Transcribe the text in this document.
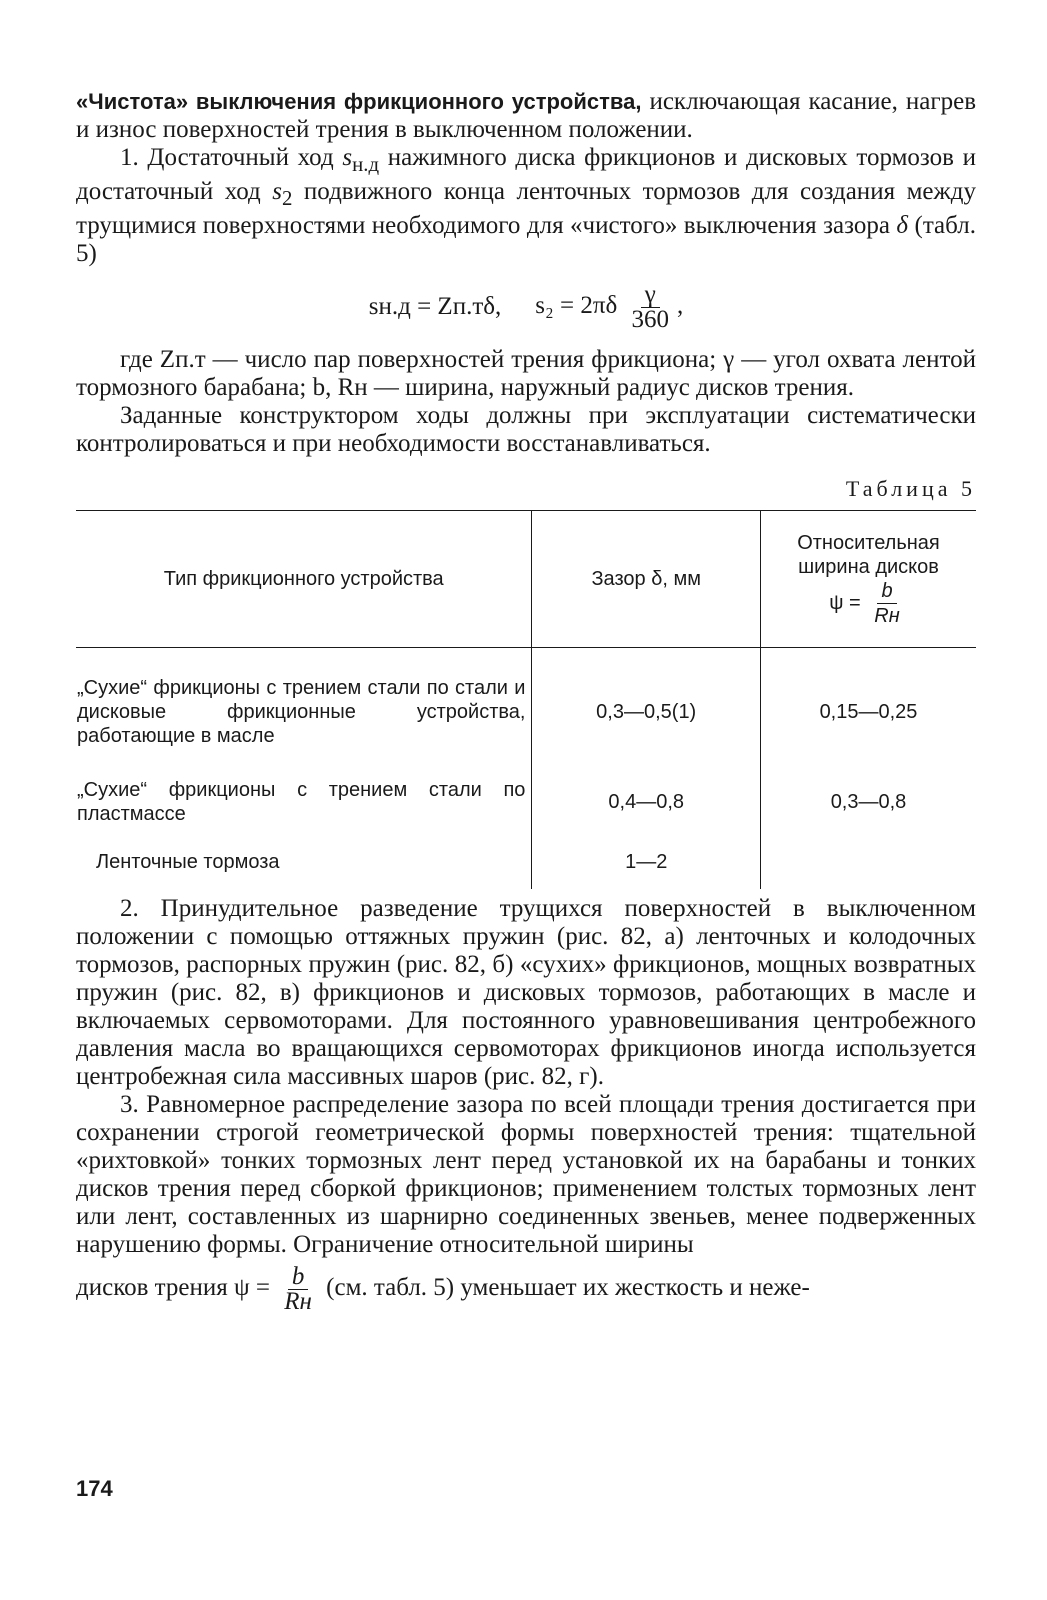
«Чистота» выключения фрикционного устройства, исключающая касание, нагрев и износ поверхностей трения в выключенном положении.

1. Достаточный ход $s_{н.д}$ нажимного диска фрикционов и дисковых тормозов и достаточный ход $s_2$ подвижного конца ленточных тормозов для создания между трущимися поверхностями необходимого для «чистого» выключения зазора δ (табл. 5)

sн.д = Zп.тδ, $s_2 = 2\pi\delta \frac{\gamma}{360}$ ,

где Zп.т — число пар поверхностей трения фрикциона; γ — угол охвата лентой тормозного барабана; b, Rн — ширина, наружный радиус дисков трения.

Заданные конструктором ходы должны при эксплуатации систематически контролироваться и при необходимости восстанавливаться.

Таблица 5
Тип фрикционного устройства	Зазор δ, мм	Относительная
ширина дисков
$\psi = \frac{b}{Rн}$

„Сухие“ фрикционы с трением стали по стали и дисковые фрикционные устройства, работающие в масле	0,3—0,5(1)	0,15—0,25
„Сухие“ фрикционы с трением стали по пластмассе	0,4—0,8	0,3—0,8
Ленточные тормоза	1—2	

2. Принудительное разведение трущихся поверхностей в выключенном положении с помощью оттяжных пружин (рис. 82, а) ленточных и колодочных тормозов, распорных пружин (рис. 82, б) «сухих» фрикционов, мощных возвратных пружин (рис. 82, в) фрикционов и дисковых тормозов, работающих в масле и включаемых сервомоторами. Для постоянного уравновешивания центробежного давления масла во вращающихся сервомоторах фрикционов иногда используется центробежная сила массивных шаров (рис. 82, г).

3. Равномерное распределение зазора по всей площади трения достигается при сохранении строгой геометрической формы поверхностей трения: тщательной «рихтовкой» тонких тормозных лент перед установкой их на барабаны и тонких дисков трения перед сборкой фрикционов; применением толстых тормозных лент или лент, составленных из шарнирно соединенных звеньев, менее подверженных нарушению формы. Ограничение относительной ширины

дисков трения $\psi = \frac{b}{Rн} (см$. табл. 5) уменьшает их жесткость и неже-

174
